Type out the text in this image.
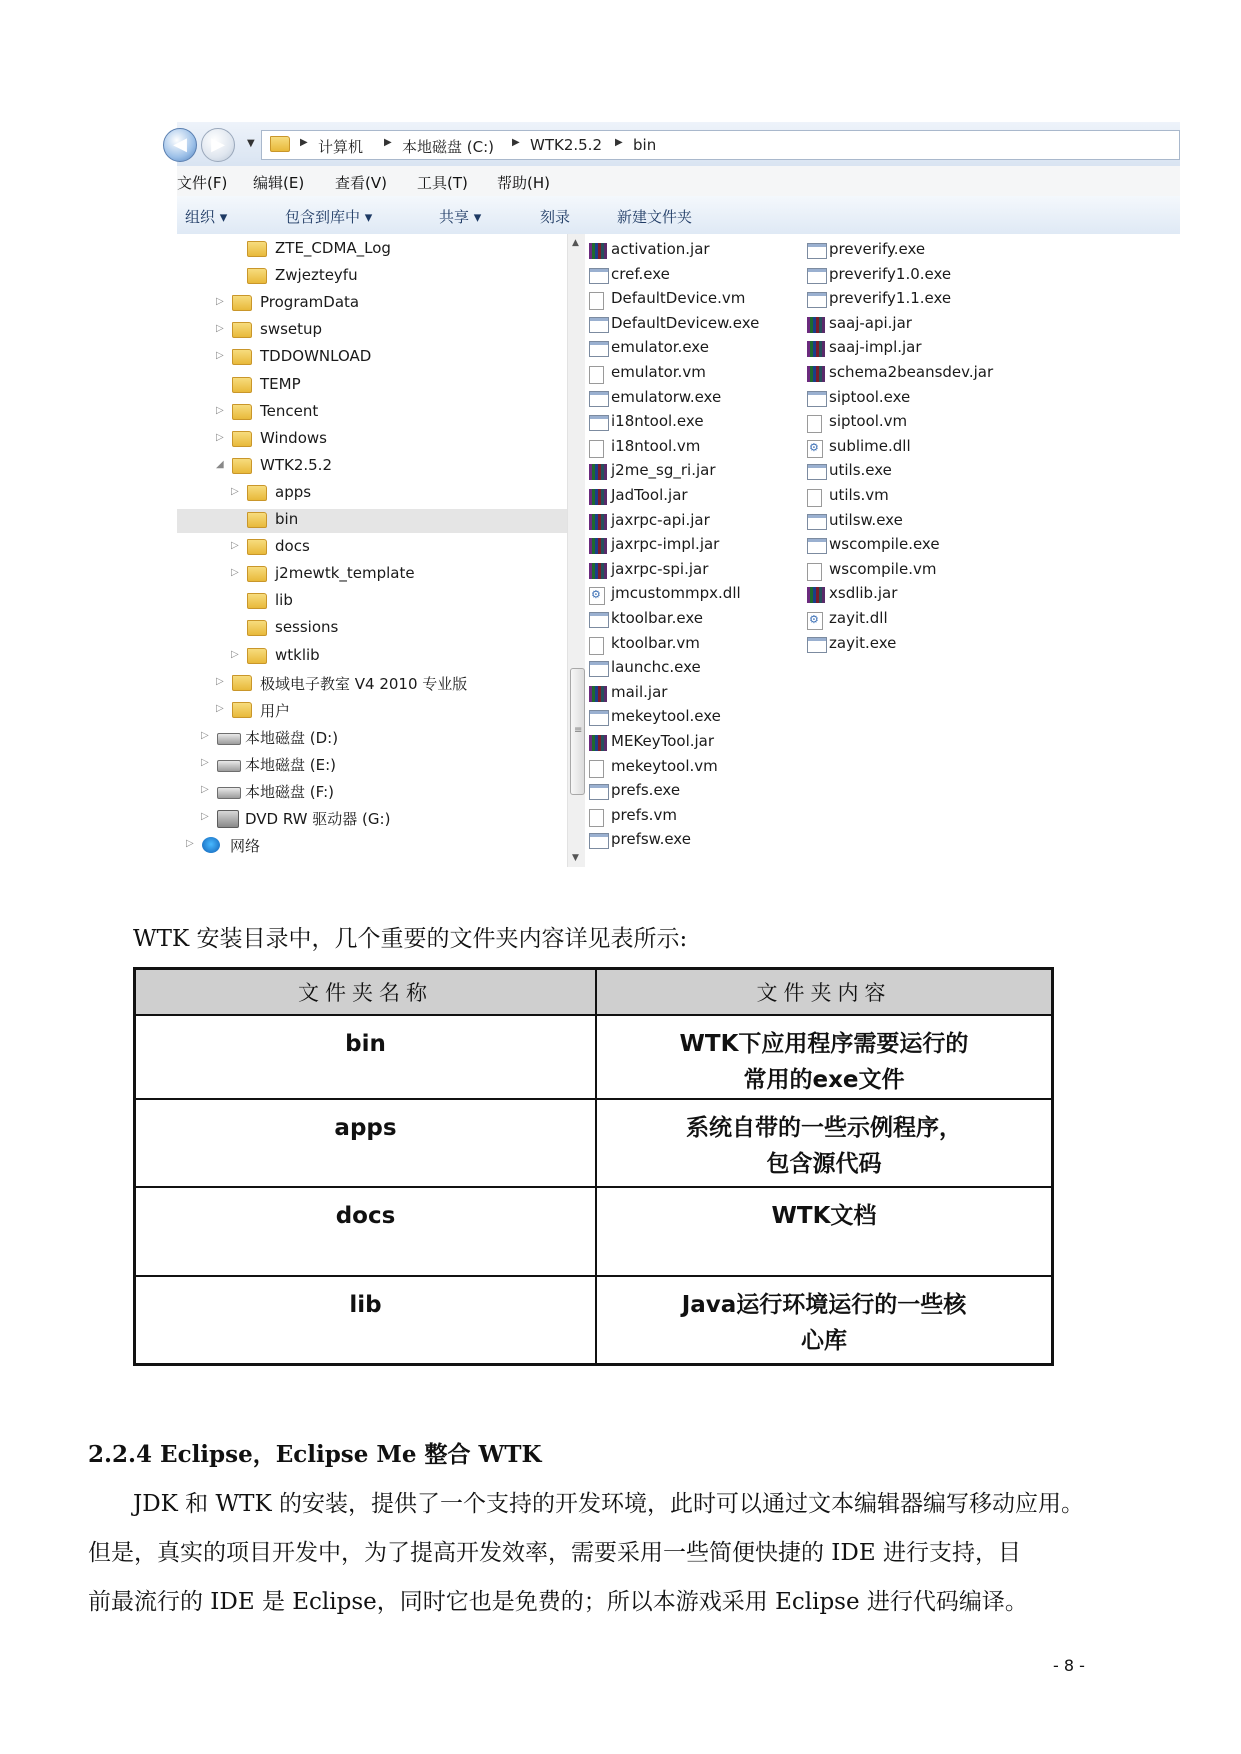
◀	▶	▼	▶ 计算机 ▶ 本地磁盘 (C:) ▶ WTK2.5.2 ▶ bin
文件(F) 编辑(E) 查看(V) 工具(T) 帮助(H)
组织 ▾	包含到库中 ▾	共享 ▾	刻录	新建文件夹
ZTE_CDMA_Log
Zwjezteyfu
▷ ProgramData
▷ swsetup
▷ TDDOWNLOAD
TEMP
▷ Tencent
▷ Windows
◢ WTK2.5.2
▷ apps
bin
▷ docs
▷ j2mewtk_template
lib
sessions
▷ wtklib
▷ 极域电子教室 V4 2010 专业版
▷ 用户
▷ 本地磁盘 (D:)
▷ 本地磁盘 (E:)
▷ 本地磁盘 (F:)
▷ DVD RW 驱动器 (G:)
▷ 网络
▲
≡
▼
activation.jar
cref.exe
DefaultDevice.vm
DefaultDevicew.exe
emulator.exe
emulator.vm
emulatorw.exe
i18ntool.exe
i18ntool.vm
j2me_sg_ri.jar
JadTool.jar
jaxrpc-api.jar
jaxrpc-impl.jar
jaxrpc-spi.jar
⚙
jmcustommpx.dll
ktoolbar.exe
ktoolbar.vm
launchc.exe
mail.jar
mekeytool.exe
MEKeyTool.jar
mekeytool.vm
prefs.exe
prefs.vm
prefsw.exe
preverify.exe
preverify1.0.exe
preverify1.1.exe
saaj-api.jar
saaj-impl.jar
schema2beansdev.jar
siptool.exe
siptool.vm
⚙
sublime.dll
utils.exe
utils.vm
utilsw.exe
wscompile.exe
wscompile.vm
xsdlib.jar
⚙
zayit.dll
zayit.exe
WTK 安装目录中，几个重要的文件夹内容详见表所示:
文件夹名称	文件夹内容
bin	WTK下应用程序需要运行的
常用的exe文件

apps	系统自带的一些示例程序，
包含源代码

docs	WTK文档

lib	Java运行环境运行的一些核
心库
2.2.4 Eclipse，Eclipse Me 整合 WTK
JDK 和 WTK 的安装，提供了一个支持的开发环境，此时可以通过文本编辑器编写移动应用。
但是，真实的项目开发中，为了提高开发效率，需要采用一些简便快捷的 IDE 进行支持，目
前最流行的 IDE 是 Eclipse，同时它也是免费的；所以本游戏采用 Eclipse 进行代码编译。
- 8 -
